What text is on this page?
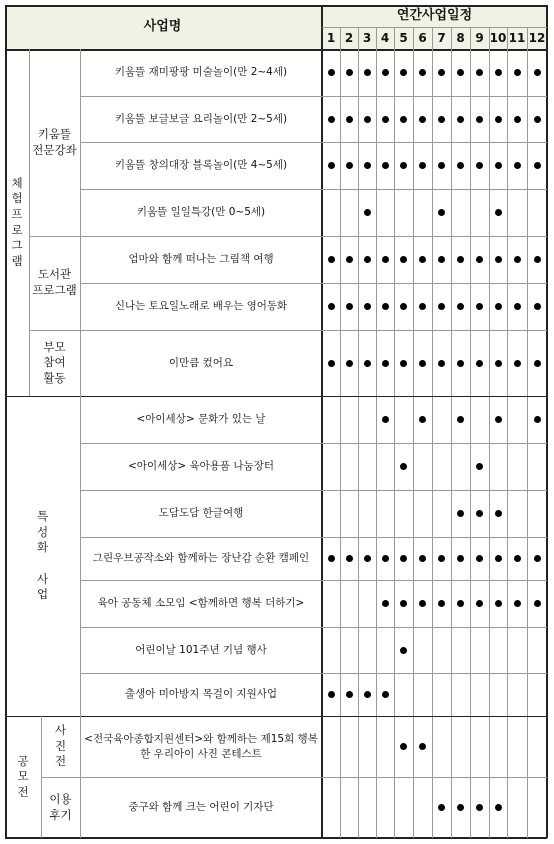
사업명
연간사업일정
1 2 3 4 5 6 7 8 9 10 11 12
체
험
프
로
그
램
키움뜰
전문강좌
도서관
프로그램
부모
참여
활동
특
성
화

사
업
공
모
전
사
진
전
이용
후기
키움뜰 재미팡팡 미술놀이(만 2~4세)
키움뜰 보글보글 요리놀이(만 2~5세)
키움뜰 창의대장 블록놀이(만 4~5세)
키움뜰 일일특강(만 0~5세)
엄마와 함께 떠나는 그림책 여행
신나는 토요일노래로 배우는 영어동화
이만큼 컸어요
<아이세상> 문화가 있는 날
<아이세상> 육아용품 나눔장터
도담도담 한글여행
그린우브공작소와 함께하는 장난감 순환 캠페인
육아 공동체 소모임 <함께하면 행복 더하기>
어린이날 101주년 기념 행사
출생아 미아방지 목걸이 지원사업
<전국육아종합지원센터>와 함께하는 제15회 행복한 우리아이 사진 콘테스트
중구와 함께 크는 어린이 기자단
